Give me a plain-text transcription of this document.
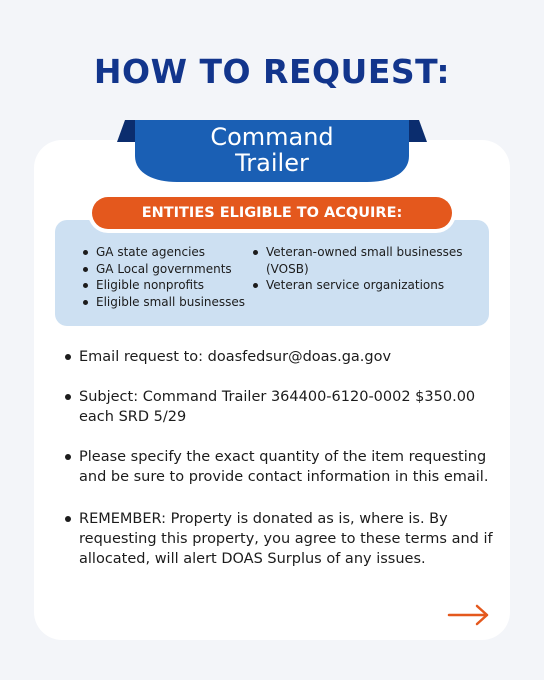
HOW TO REQUEST:
Command
Trailer
ENTITIES ELIGIBLE TO ACQUIRE:
GA state agencies
GA Local governments
Eligible nonprofits
Eligible small businesses
Veteran-owned small businesses (VOSB)
Veteran service organizations
Email request to: doasfedsur@doas.ga.gov
Subject: Command Trailer 364400-6120-0002 $350.00 each SRD 5/29
Please specify the exact quantity of the item requesting and be sure to provide contact information in this email.
REMEMBER: Property is donated as is, where is. By requesting this property, you agree to these terms and if allocated, will alert DOAS Surplus of any issues.
